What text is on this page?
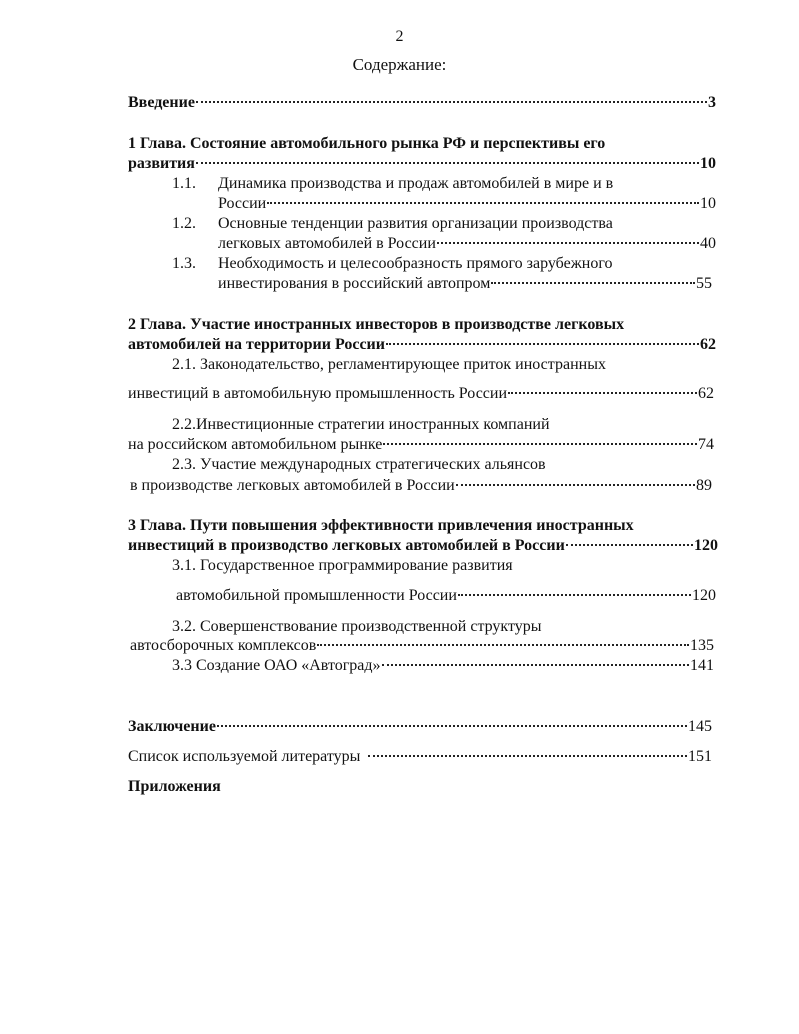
2
Содержание:
Введение	3
1 Глава. Состояние автомобильного рынка РФ и перспективы его
развития	10
1.1. Динамика производства и продаж автомобилей в мире и в
России	10
1.2. Основные тенденции развития организации производства
легковых автомобилей в России	40
1.3. Необходимость и целесообразность прямого зарубежного
инвестирования в российский автопром	55
2 Глава. Участие иностранных инвесторов в производстве легковых
автомобилей на территории России	62
2.1. Законодательство, регламентирующее приток иностранных
инвестиций в автомобильную промышленность России	62
2.2.Инвестиционные стратегии иностранных компаний
на российском автомобильном рынке	74
2.3. Участие международных стратегических альянсов
в производстве легковых автомобилей в России	89
3 Глава. Пути повышения эффективности привлечения иностранных
инвестиций в производство легковых автомобилей в России	120
3.1. Государственное программирование развития
автомобильной промышленности России	120
3.2. Совершенствование производственной структуры
автосборочных комплексов	135
3.3 Создание ОАО «Автоград»	141
Заключение	145
Список используемой литературы	151
Приложения
